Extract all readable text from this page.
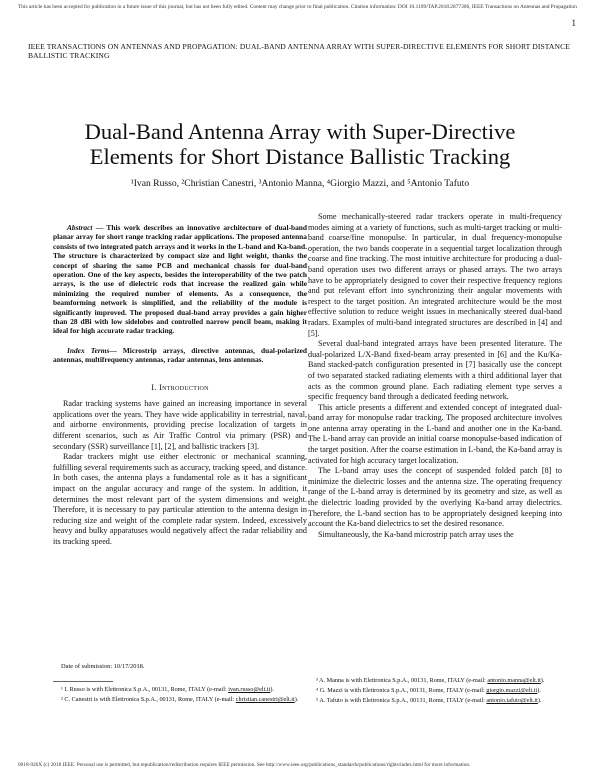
This article has been accepted for publication in a future issue of this journal, but has not been fully edited. Content may change prior to final publication. Citation information: DOI 10.1109/TAP.2018.2877306, IEEE Transactions on Antennas and Propagation
1
IEEE TRANSACTIONS ON ANTENNAS AND PROPAGATION: DUAL-BAND ANTENNA ARRAY WITH SUPER-DIRECTIVE ELEMENTS FOR SHORT DISTANCE BALLISTIC TRACKING
Dual-Band Antenna Array with Super-Directive Elements for Short Distance Ballistic Tracking
¹Ivan Russo, ²Christian Canestri, ³Antonio Manna, ⁴Giorgio Mazzi, and ⁵Antonio Tafuto

Abstract — This work describes an innovative architecture of dual-band planar array for short range tracking radar applications. The proposed antenna consists of two integrated patch arrays and it works in the L-band and Ka-band. The structure is characterized by compact size and light weight, thanks the concept of sharing the same PCB and mechanical chassis for dual-band operation. One of the key aspects, besides the interoperability of the two patch arrays, is the use of dielectric rods that increase the realized gain while minimizing the required number of elements. As a consequence, the beamforming network is simplified, and the reliability of the module is significantly improved. The proposed dual-band array provides a gain higher than 28 dBi with low sidelobes and controlled narrow pencil beam, making it ideal for high accurate radar tracking.

Index Terms— Microstrip arrays, directive antennas, dual-polarized antennas, multifrequency antennas, radar antennas, lens antennas.

I. Introduction

Radar tracking systems have gained an increasing importance in several applications over the years. They have wide applicability in terrestrial, naval, and airborne environments, providing precise localization of targets in different scenarios, such as Air Traffic Control via primary (PSR) and secondary (SSR) surveillance [1], [2], and ballistic trackers [3].

Radar trackers might use either electronic or mechanical scanning, fulfilling several requirements such as accuracy, tracking speed, and distance. In both cases, the antenna plays a fundamental role as it has a significant impact on the angular accuracy and range of the system. In addition, it determines the most relevant part of the system dimensions and weight. Therefore, it is necessary to pay particular attention to the antenna design in reducing size and weight of the complete radar system. Indeed, excessively heavy and bulky apparatuses would negatively affect the radar reliability and its tracking speed.

Some mechanically-steered radar trackers operate in multi-frequency modes aiming at a variety of functions, such as multi-target tracking or multi-band coarse/fine monopulse. In particular, in dual frequency-monopulse operation, the two bands cooperate in a sequential target localization through coarse and fine tracking. The most intuitive architecture for producing a dual-band operation uses two different arrays or phased arrays. The two arrays have to be appropriately designed to cover their respective frequency regions and put relevant effort into synchronizing their angular movements with respect to the target position. An integrated architecture would be the most effective solution to reduce weight issues in mechanically steered dual-band radars. Examples of multi-band integrated structures are described in [4] and [5].

Several dual-band integrated arrays have been presented literature. The dual-polarized L/X-Band fixed-beam array presented in [6] and the Ku/Ka-Band stacked-patch configuration presented in [7] basically use the concept of two separated stacked radiating elements with a third additional layer that acts as the common ground plane. Each radiating element type serves a specific frequency band through a dedicated feeding network.

This article presents a different and extended concept of integrated dual-band array for monopulse radar tracking. The proposed architecture involves one antenna array operating in the L-band and another one in the Ka-band. The L-band array can provide an initial coarse monopulse-based indication of the target position. After the coarse estimation in L-band, the Ka-band array is activated for high accuracy target localization.

The L-band array uses the concept of suspended folded patch [8] to minimize the dielectric losses and the antenna size. The operating frequency range of the L-band array is determined by its geometry and size, as well as the dielectric loading provided by the overlying Ka-band array dielectrics. Therefore, the L-band section has to be appropriately designed keeping into account the Ka-band dielectrics to set the desired resonance.

Simultaneously, the Ka-band microstrip patch array uses the

Date of submission: 10/17/2018.

¹ I. Russo is with Elettronica S.p.A., 00131, Rome, ITALY (e-mail: ivan.russo@elt.it).

² C. Canestri is with Elettronica S.p.A., 00131, Rome, ITALY (e-mail: christian.canestri@elt.it).

³ A. Manna is with Elettronica S.p.A., 00131, Rome, ITALY (e-mail: antonio.manna@elt.it).

⁴ G. Mazzi is with Elettronica S.p.A., 00131, Rome, ITALY (e-mail: giorgio.mazzi@elt.it).

⁵ A. Tafuto is with Elettronica S.p.A., 00131, Rome, ITALY (e-mail: antonio.tafuto@elt.it).

0018-926X (c) 2018 IEEE. Personal use is permitted, but republication/redistribution requires IEEE permission. See http://www.ieee.org/publications_standards/publications/rights/index.html for more information.
